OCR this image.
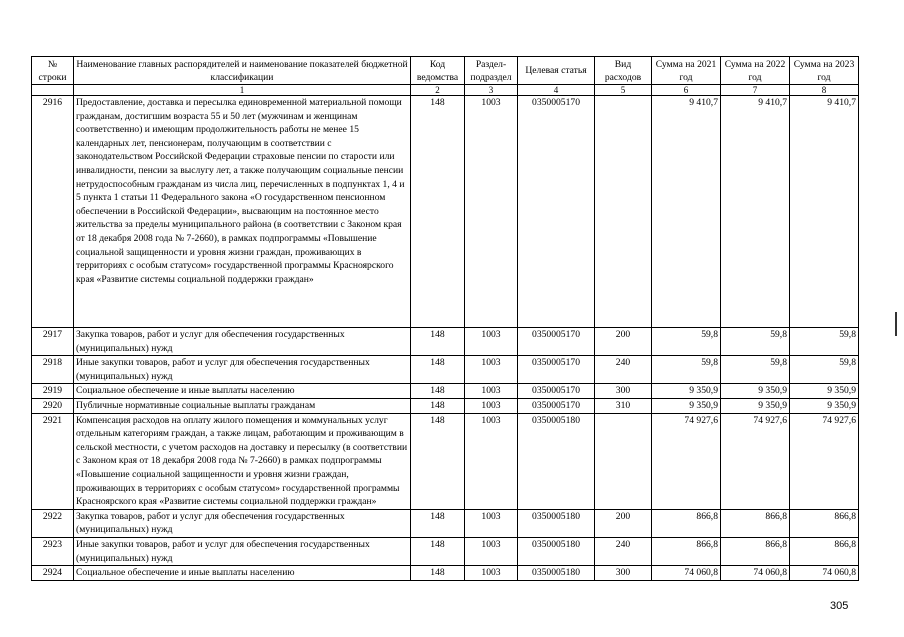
№ строки	Наименование главных распорядителей и наименование показателей бюджетной классификации	Код ведомства	Раздел-подраздел	Целевая статья	Вид расходов	Сумма на 2021 год	Сумма на 2022 год	Сумма на 2023 год
	1	2	3	4	5	6	7	8
2916	Предоставление, доставка и пересылка единовременной материальной помощи гражданам, достигшим возраста 55 и 50 лет (мужчинам и женщинам соответственно) и имеющим продолжительность работы не менее 15 календарных лет, пенсионерам, получающим в соответствии с законодательством Российской Федерации страховые пенсии по старости или инвалидности, пенсии за выслугу лет, а также получающим социальные пенсии нетрудоспособным гражданам из числа лиц, перечисленных в подпунктах 1, 4 и 5 пункта 1 статьи 11 Федерального закона «О государственном пенсионном обеспечении в Российской Федерации», высвающим на постоянное место жительства за пределы муниципального района (в соответствии с Законом края от 18 декабря 2008 года № 7-2660), в рамках подпрограммы «Повышение социальной защищенности и уровня жизни граждан, проживающих в территориях с особым статусом» государственной программы Красноярского края «Развитие системы социальной поддержки граждан»	148	1003	0350005170		9 410,7	9 410,7	9 410,7
2917	Закупка товаров, работ и услуг для обеспечения государственных (муниципальных) нужд	148	1003	0350005170	200	59,8	59,8	59,8
2918	Иные закупки товаров, работ и услуг для обеспечения государственных (муниципальных) нужд	148	1003	0350005170	240	59,8	59,8	59,8
2919	Социальное обеспечение и иные выплаты населению	148	1003	0350005170	300	9 350,9	9 350,9	9 350,9
2920	Публичные нормативные социальные выплаты гражданам	148	1003	0350005170	310	9 350,9	9 350,9	9 350,9
2921	Компенсация расходов на оплату жилого помещения и коммунальных услуг отдельным категориям граждан, а также лицам, работающим и проживающим в сельской местности, с учетом расходов на доставку и пересылку (в соответствии с Законом края от 18 декабря 2008 года № 7-2660) в рамках подпрограммы «Повышение социальной защищенности и уровня жизни граждан, проживающих в территориях с особым статусом» государственной программы Красноярского края «Развитие системы социальной поддержки граждан»	148	1003	0350005180		74 927,6	74 927,6	74 927,6
2922	Закупка товаров, работ и услуг для обеспечения государственных (муниципальных) нужд	148	1003	0350005180	200	866,8	866,8	866,8
2923	Иные закупки товаров, работ и услуг для обеспечения государственных (муниципальных) нужд	148	1003	0350005180	240	866,8	866,8	866,8
2924	Социальное обеспечение и иные выплаты населению	148	1003	0350005180	300	74 060,8	74 060,8	74 060,8
305
